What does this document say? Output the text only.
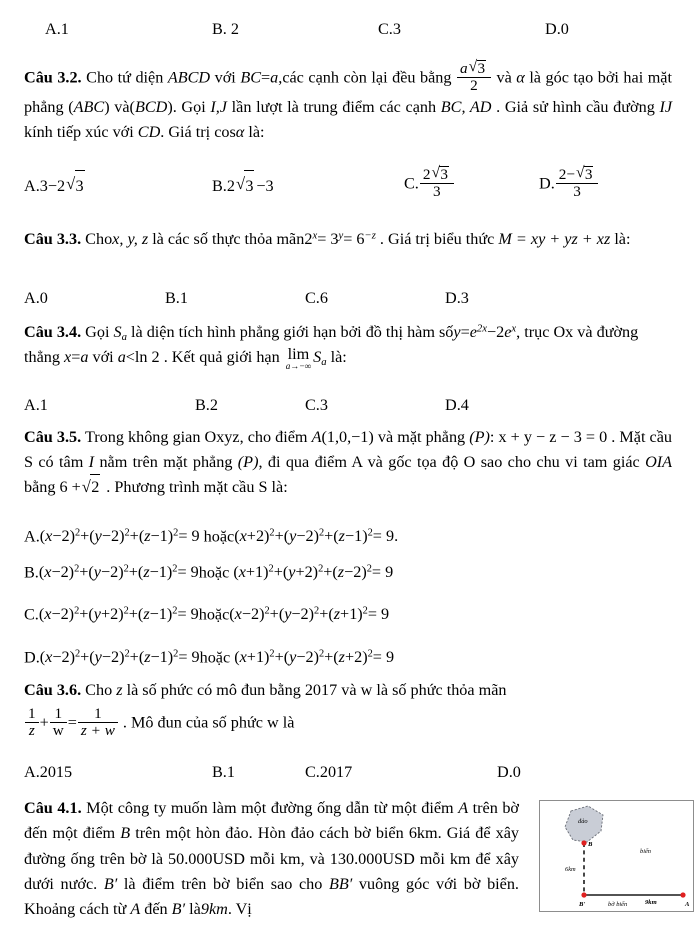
A.1	B. 2	C.3	D.0
Câu 3.2. Cho tứ diện ABCD với BC=a,các cạnh còn lại đều bằng $\frac{a √ 3}{2}$ và α là góc tạo bởi hai mặt phẳng (ABC) và(BCD). Gọi I,J lần lượt là trung điểm các cạnh BC, AD . Giả sử hình cầu đường IJ kính tiếp xúc với CD. Giá trị cosα là:
A.3−2 √ 3	B.2 √ 3 −3	C. $\frac{2 √ 3}{3}$	D. $\frac{2- √ 3}{3}$
Câu 3.3. Chox, y, z là các số thực thỏa $mãn2^x= 3^y= 6^{-z}$ . Giá trị biểu thức M = xy + yz + xz là:
A.0	B.1	C.6	D.3
Câu 3.4. Gọi $S_a$ là diện tích hình phẳng giới hạn bởi đồ thị hàm $sốy=e^{2x}-2e^x$, trục Ox và đường thẳng x=a với a<ln 2 . Kết quả giới hạn lim
a→−∞ $S_a$ là:
A.1	B.2	C.3	D.4
Câu 3.5. Trong không gian Oxyz, cho điểm A(1,0,−1) và mặt phẳng (P): x + y − z − 3 = 0 . Mặt cầu S có tâm I nằm trên mặt phẳng (P), đi qua điểm A và gốc tọa độ O sao cho chu vi tam giác OIA bằng 6 + √ 2 . Phương trình mặt cầu S là:
$A.(x-2)^2+(y-2)^2+(z-1)^2= 9$ $hoặc(x+2)^2+(y-2)^2+(z-1)^2= 9$.
$B.(x-2)^2+(y-2)^2+(z-1)^2=$ 9hoặc $(x+1)^2+(y+2)^2+(z-2)^2= 9$
$C.(x-2)^2+(y+2)^2+(z-1)^2=$ $9hoặc(x-2)^2+(y-2)^2+(z+1)^2= 9$
$D.(x-2)^2+(y-2)^2+(z-1)^2=$ 9hoặc $(x+1)^2+(y-2)^2+(z+2)^2= 9$
Câu 3.6. Cho z là số phức có mô đun bằng 2017 và w là số phức thỏa mãn
$\frac{1}{z} + \frac{1}{w} = \frac{1}{z + w}$ . Mô đun của số phức w là
A.2015	B.1	C.2017	D.0
Câu 4.1. Một công ty muốn làm một đường ống dẫn từ một điểm A trên bờ đến một điểm B trên một hòn đảo. Hòn đảo cách bờ biển 6km. Giá để xây đường ống trên bờ là 50.000USD mỗi km, và 130.000USD mỗi km để xây dưới nước. B′ là điểm trên bờ biển sao cho BB′ vuông góc với bờ biển. Khoảng cách từ A đến B′ là9km. Vị
đảo
biển
6km
bờ biển	9km
B
B'	A
